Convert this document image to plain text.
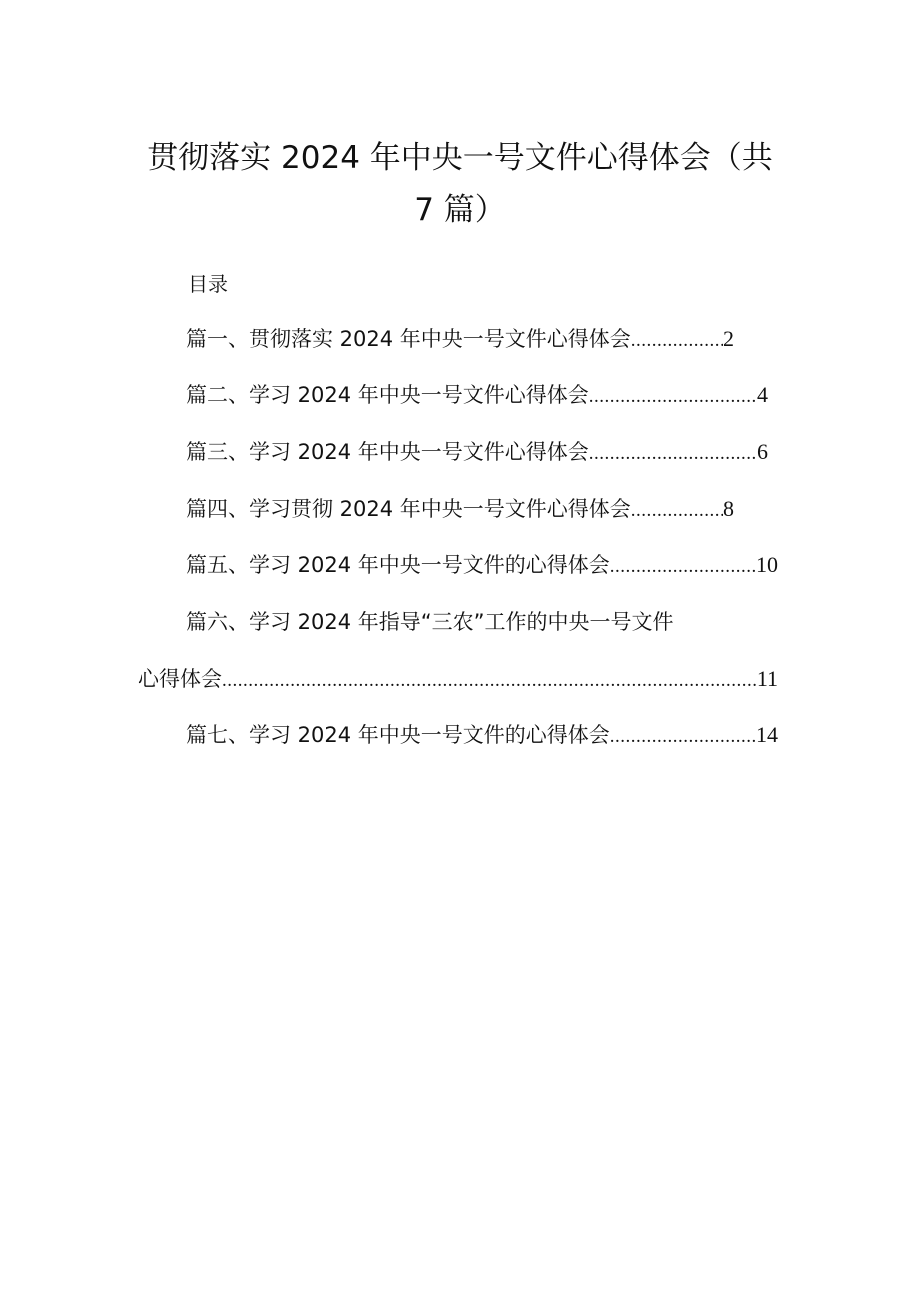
贯彻落实 2024 年中央一号文件心得体会（共
7 篇）
目录
篇一、贯彻落实 2024 年中央一号文件心得体会 .....	2
篇二、学习 2024 年中央一号文件心得体会 .....	4
篇三、学习 2024 年中央一号文件心得体会 .....	6
篇四、学习贯彻 2024 年中央一号文件心得体会 .....	8
篇五、学习 2024 年中央一号文件的心得体会 .....	10
篇六、学习 2024 年指导“三农”工作的中央一号文件
心得体会 .....	11
篇七、学习 2024 年中央一号文件的心得体会 .....	14
